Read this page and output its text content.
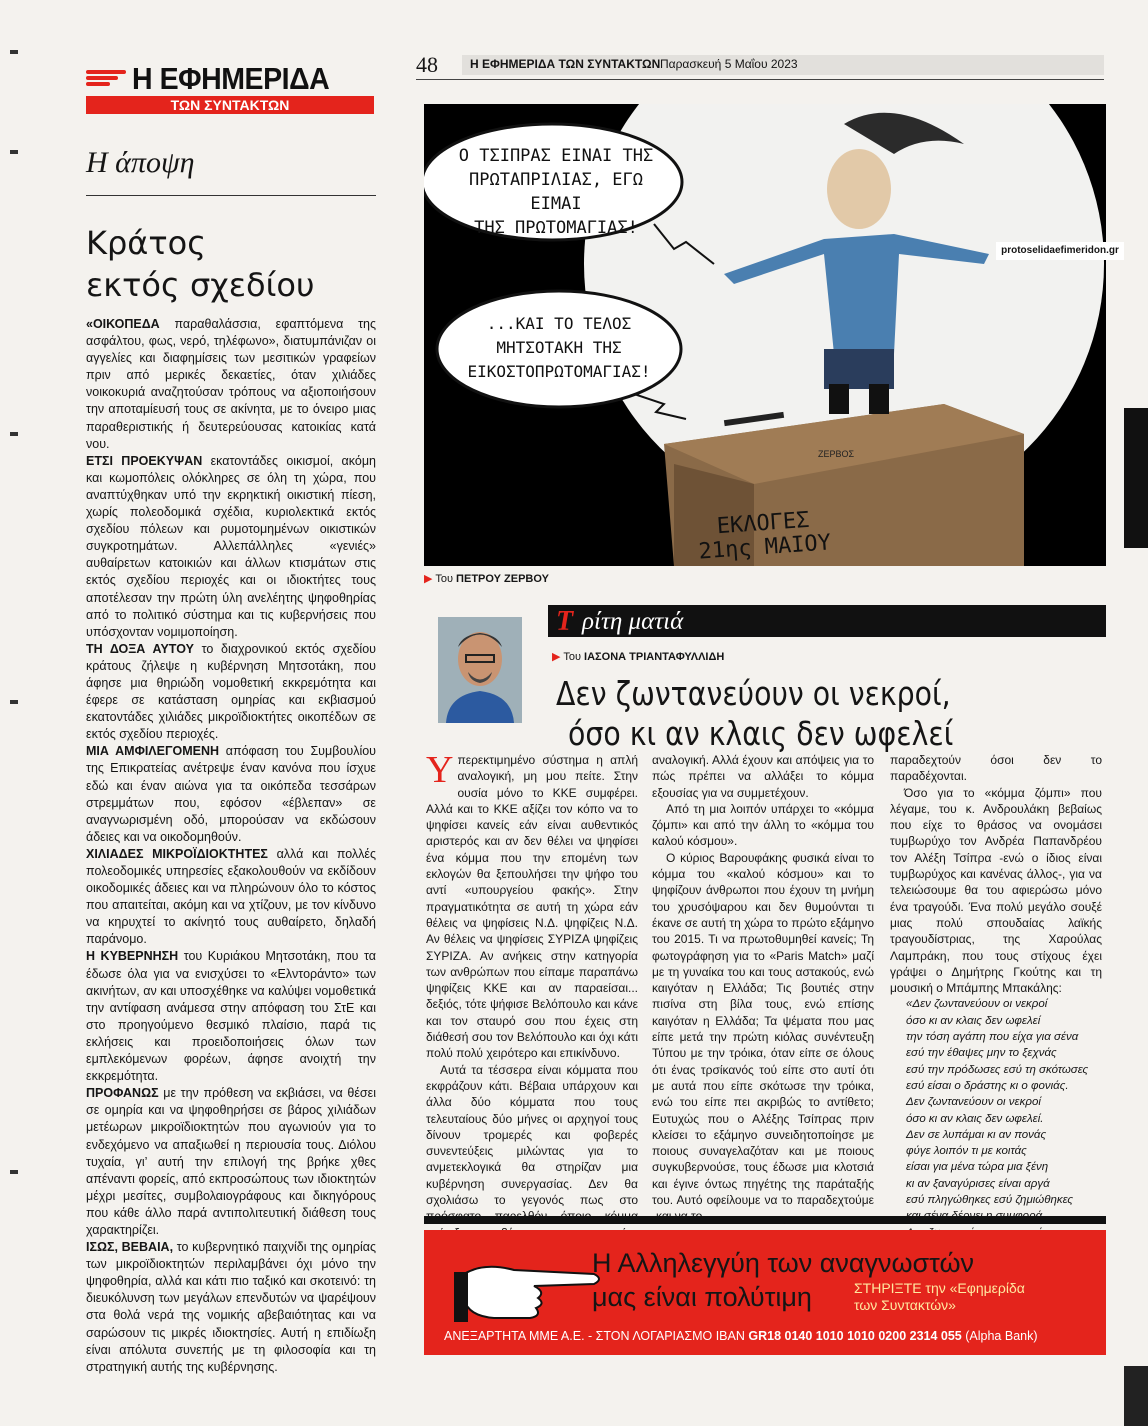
Η ΕΦΗΜΕΡΙΔΑ
ΤΩΝ ΣΥΝΤΑΚΤΩΝ
Η άποψη
Κράτος
εκτός σχεδίου

«ΟΙΚΟΠΕΔΑ παραθαλάσσια, εφαπτόμενα της ασφάλτου, φως, νερό, τηλέφωνο», διατυμπάνιζαν οι αγγελίες και διαφημίσεις των μεσιτικών γραφείων πριν από μερικές δεκαετίες, όταν χιλιάδες νοικοκυριά αναζητούσαν τρόπους να αξιοποιήσουν την αποταμίευσή τους σε ακίνητα, με το όνειρο μιας παραθεριστικής ή δευτερεύουσας κατοικίας κατά νου.

ΕΤΣΙ ΠΡΟΕΚΥΨΑΝ εκατοντάδες οικισμοί, ακόμη και κωμοπόλεις ολόκληρες σε όλη τη χώρα, που αναπτύχθηκαν υπό την εκρηκτική οικιστική πίεση, χωρίς πολεοδομικά σχέδια, κυριολεκτικά εκτός σχεδίου πόλεων και ρυμοτομημένων οικιστικών συγκροτημάτων. Αλλεπάλληλες «γενιές» αυθαίρετων κατοικιών και άλλων κτισμάτων στις εκτός σχεδίου περιοχές και οι ιδιοκτήτες τους αποτέλεσαν την πρώτη ύλη ανελέητης ψηφοθηρίας από το πολιτικό σύστημα και τις κυβερνήσεις που υπόσχονταν νομιμοποίηση.

ΤΗ ΔΟΞΑ ΑΥΤΟΥ το διαχρονικού εκτός σχεδίου κράτους ζήλεψε η κυβέρνηση Μητσοτάκη, που άφησε μια θηριώδη νομοθετική εκκρεμότητα και έφερε σε κατάσταση ομηρίας και εκβιασμού εκατοντάδες χιλιάδες μικροϊδιοκτήτες οικοπέδων σε εκτός σχεδίου περιοχές.

ΜΙΑ ΑΜΦΙΛΕΓΟΜΕΝΗ απόφαση του Συμβουλίου της Επικρατείας ανέτρεψε έναν κανόνα που ίσχυε εδώ και έναν αιώνα για τα οικόπεδα τεσσάρων στρεμμάτων που, εφόσον «έβλεπαν» σε αναγνωρισμένη οδό, μπορούσαν να εκδώσουν άδειες και να οικοδομηθούν.

ΧΙΛΙΑΔΕΣ ΜΙΚΡΟΪΔΙΟΚΤΗΤΕΣ αλλά και πολλές πολεοδομικές υπηρεσίες εξακολουθούν να εκδίδουν οικοδομικές άδειες και να πληρώνουν όλο το κόστος που απαιτείται, ακόμη και να χτίζουν, με τον κίνδυνο να κηρυχτεί το ακίνητό τους αυθαίρετο, δηλαδή παράνομο.

Η ΚΥΒΕΡΝΗΣΗ του Κυριάκου Μητσοτάκη, που τα έδωσε όλα για να ενισχύσει το «Ελντοράντο» των ακινήτων, αν και υποσχέθηκε να καλύψει νομοθετικά την αντίφαση ανάμεσα στην απόφαση του ΣτΕ και στο προηγούμενο θεσμικό πλαίσιο, παρά τις εκλήσεις και προειδοποιήσεις όλων των εμπλεκόμενων φορέων, άφησε ανοιχτή την εκκρεμότητα.

ΠΡΟΦΑΝΩΣ με την πρόθεση να εκβιάσει, να θέσει σε ομηρία και να ψηφοθηρήσει σε βάρος χιλιάδων μετέωρων μικροϊδιοκτητών που αγωνιούν για το ενδεχόμενο να απαξιωθεί η περιουσία τους. Διόλου τυχαία, γι’ αυτή την επιλογή της βρήκε χθες απέναντι φορείς, από εκπροσώπους των ιδιοκτητών μέχρι μεσίτες, συμβολαιογράφους και δικηγόρους που κάθε άλλο παρά αντιπολιτευτική διάθεση τους χαρακτηρίζει.

ΙΣΩΣ, ΒΕΒΑΙΑ, το κυβερνητικό παιχνίδι της ομηρίας των μικροϊδιοκτητών περιλαμβάνει όχι μόνο την ψηφοθηρία, αλλά και κάτι πιο ταξικό και σκοτεινό: τη διευκόλυνση των μεγάλων επενδυτών να ψαρέψουν στα θολά νερά της νομικής αβεβαιότητας και να σαρώσουν τις μικρές ιδιοκτησίες. Αυτή η επιδίωξη είναι απόλυτα συνεπής με τη φιλοσοφία και τη στρατηγική αυτής της κυβέρνησης.

48	Η ΕΦΗΜΕΡΙΔΑ ΤΩΝ ΣΥΝΤΑΚΤΩΝ Παρασκευή 5 Μαΐου 2023
Ο ΤΣΙΠΡΑΣ ΕΙΝΑΙ ΤΗΣ
ΠΡΩΤΑΠΡΙΛΙΑΣ, ΕΓΩ ΕΙΜΑΙ
ΤΗΣ ΠΡΩΤΟΜΑΓΙΑΣ!
...ΚΑΙ ΤΟ ΤΕΛΟΣ
ΜΗΤΣΟΤΑΚΗ ΤΗΣ
ΕΙΚΟΣΤΟΠΡΩΤΟΜΑΓΙΑΣ!
ΕΚΛΟΓΕΣ
21ης ΜΑΙΟΥ
ΖΕΡΒΟΣ
▶ Του ΠΕΤΡΟΥ ΖΕΡΒΟΥ
Τ ρίτη ματιά
▶ Του ΙΑΣΟΝΑ ΤΡΙΑΝΤΑΦΥΛΛΙΔΗ
Δεν ζωντανεύουν οι νεκροί,
όσο κι αν κλαις δεν ωφελεί

Υπερεκτιμημένο σύστημα η απλή αναλογική, μη μου πείτε. Στην ουσία μόνο το ΚΚΕ συμφέρει. Αλλά και το ΚΚΕ αξίζει τον κόπο να το ψηφίσει κανείς εάν είναι αυθεντικός αριστερός και αν δεν θέλει να ψηφίσει ένα κόμμα που την επομένη των εκλογών θα ξεπουλήσει την ψήφο του αντί «υπουργείου φακής». Στην πραγματικότητα σε αυτή τη χώρα εάν θέλεις να ψηφίσεις Ν.Δ. ψηφίζεις Ν.Δ. Αν θέλεις να ψηφίσεις ΣΥΡΙΖΑ ψηφίζεις ΣΥΡΙΖΑ. Αν ανήκεις στην κατηγορία των ανθρώπων που είπαμε παραπάνω ψηφίζεις ΚΚΕ και αν παραείσαι... δεξιός, τότε ψήφισε Βελόπουλο και κάνε και τον σταυρό σου που έχεις στη διάθεσή σου τον Βελόπουλο και όχι κάτι πολύ πολύ χειρότερο και επικίνδυνο.

Αυτά τα τέσσερα είναι κόμματα που εκφράζουν κάτι. Βέβαια υπάρχουν και άλλα δύο κόμματα που τους τελευταίους δύο μήνες οι αρχηγοί τους δίνουν τρομερές και φοβερές συνεντεύξεις μιλώντας για το ανμετεκλογικά θα στηρίζαν μια κυβέρνηση συνεργασίας. Δεν θα σχολιάσω το γεγονός πως στο

αναλογική. Αλλά έχουν και απόψεις για το πώς πρέπει να αλλάξει το κόμμα εξουσίας για να συμμετέχουν.

Από τη μια λοιπόν υπάρχει το «κόμμα ζόμπι» και από την άλλη το «κόμμα του καλού κόσμου».

Ο κύριος Βαρουφάκης φυσικά είναι το κόμμα του «καλού κόσμου» και το ψηφίζουν άνθρωποι που έχουν τη μνήμη του χρυσόψαρου και δεν θυμούνται τι έκανε σε αυτή τη χώρα το πρώτο εξάμηνο του 2015. Τι να πρωτοθυμηθεί κανείς; Τη φωτογράφηση για το «Paris Match» μαζί με τη γυναίκα του και τους αστακούς, ενώ καιγόταν η Ελλάδα; Τις βουτιές στην πισίνα στη βίλα τους, ενώ επίσης καιγόταν η Ελλάδα; Τα ψέματα που μας είπε μετά την πρώτη κιόλας συνέντευξη Τύπου με την τρόικα, όταν είπε σε όλους ότι ένας τρσίκανός τού είπε στο αυτί ότι με αυτά που είπε σκότωσε την τρόικα, ενώ του είπε πει ακριβώς το αντίθετο; Ευτυχώς που ο Αλέξης Τσίπρας πριν κλείσει το εξάμηνο συνειδητοποίησε με ποιους συναγελαζόταν και με ποιους συγκυβερνούσε, τους έδωσε μια κλοτσιά και έγινε όντως πηγέτης της παράταξής του. Αυτό οφείλουμε να το παραδεχτούμε

παραδεχτούν όσοι δεν το παραδέχονται.

Όσο για το «κόμμα ζόμπι» που λέγαμε, του κ. Ανδρουλάκη βεβαίως που είχε το θράσος να ονομάσει τυμβωρύχο τον Ανδρέα Παπανδρέου τον Αλέξη Τσίπρα -ενώ ο ίδιος είναι τυμβωρύχος και κανένας άλλος-, για να τελειώσουμε θα του αφιερώσω μόνο ένα τραγούδι. Ένα πολύ μεγάλο σουξέ μιας πολύ σπουδαίας λαϊκής τραγουδίστριας, της Χαρούλας Λαμπράκη, που τους στίχους έχει γράψει ο Δημήτρης Γκούτης και τη μουσική ο Μπάμπης Μπακάλης:

«Δεν ζωντανεύουν οι νεκροί
όσο κι αν κλαις δεν ωφελεί
την τόση αγάπη που είχα για σένα
εσύ την έθαψες μην το ξεχνάς
εσύ την πρόδωσες εσύ τη σκότωσες
εσύ είσαι ο δράστης κι ο φονιάς.
Δεν ζωντανεύουν οι νεκροί
όσο κι αν κλαις δεν ωφελεί.
Δεν σε λυπάμαι κι αν πονάς
φύγε λοιπόν τι με κοιτάς
είσαι για μένα τώρα μια ξένη
κι αν ξαναγύρισες είναι αργά
εσύ πληγώθηκες εσύ ζημιώθηκες
Η Αλληλεγγύη των αναγνωστών
μας είναι πολύτιμη	ΣΤΗΡΙΞΤΕ την «Εφημερίδα
των Συντακτών»
ΑΝΕΞΑΡΤΗΤΑ ΜΜΕ Α.Ε. - ΣΤΟΝ ΛΟΓΑΡΙΑΣΜΟ ΙΒΑΝ GR18 0140 1010 1010 0200 2314 055 (Alpha Bank)
protoselidaefimeridon.gr
